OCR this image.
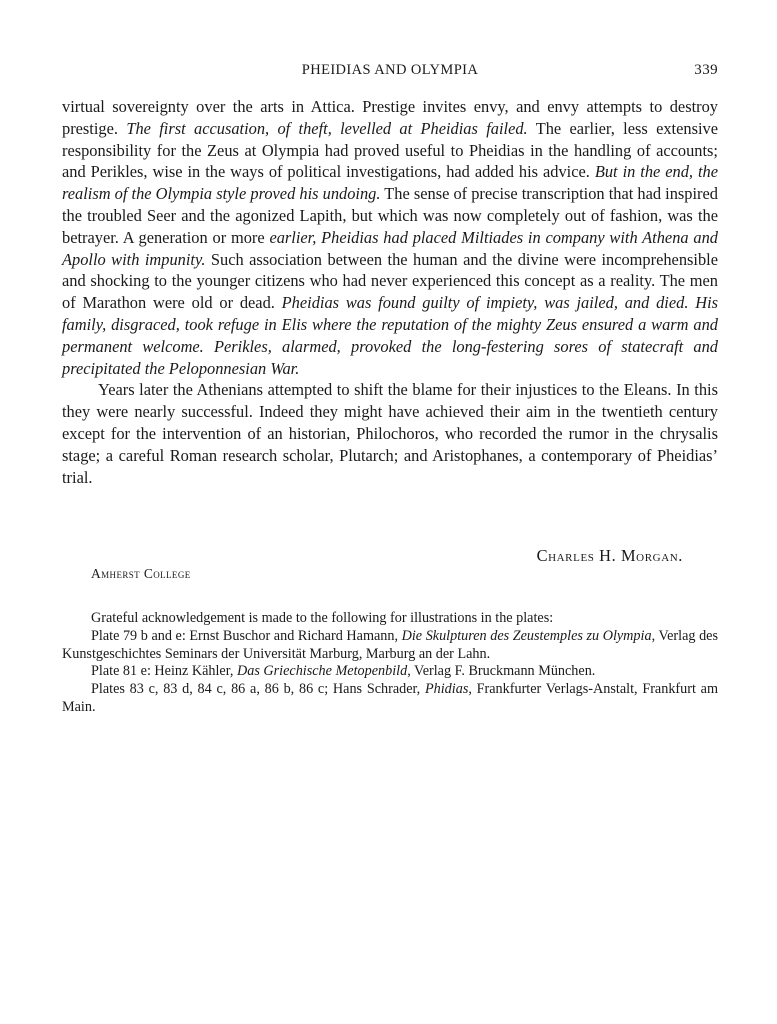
PHEIDIAS AND OLYMPIA	339

virtual sovereignty over the arts in Attica. Prestige invites envy, and envy attempts to destroy prestige. The first accusation, of theft, levelled at Pheidias failed. The earlier, less extensive responsibility for the Zeus at Olympia had proved useful to Pheidias in the handling of accounts; and Perikles, wise in the ways of political investigations, had added his advice. But in the end, the realism of the Olympia style proved his undoing. The sense of precise transcription that had inspired the troubled Seer and the agonized Lapith, but which was now completely out of fashion, was the betrayer. A generation or more earlier, Pheidias had placed Miltiades in company with Athena and Apollo with impunity. Such association between the human and the divine were incomprehensible and shocking to the younger citizens who had never experienced this concept as a reality. The men of Marathon were old or dead. Pheidias was found guilty of impiety, was jailed, and died. His family, disgraced, took refuge in Elis where the reputation of the mighty Zeus ensured a warm and permanent welcome. Perikles, alarmed, provoked the long-festering sores of statecraft and precipitated the Peloponnesian War.

Years later the Athenians attempted to shift the blame for their injustices to the Eleans. In this they were nearly successful. Indeed they might have achieved their aim in the twentieth century except for the intervention of an historian, Philochoros, who recorded the rumor in the chrysalis stage; a careful Roman research scholar, Plutarch; and Aristophanes, a contemporary of Pheidias’ trial.

Charles H. Morgan.
Amherst College

Grateful acknowledgement is made to the following for illustrations in the plates:

Plate 79 b and e: Ernst Buschor and Richard Hamann, Die Skulpturen des Zeustemples zu Olympia, Verlag des Kunstgeschichtes Seminars der Universität Marburg, Marburg an der Lahn.

Plate 81 e: Heinz Kähler, Das Griechische Metopenbild, Verlag F. Bruckmann München.

Plates 83 c, 83 d, 84 c, 86 a, 86 b, 86 c; Hans Schrader, Phidias, Frankfurter Verlags-Anstalt, Frankfurt am Main.
